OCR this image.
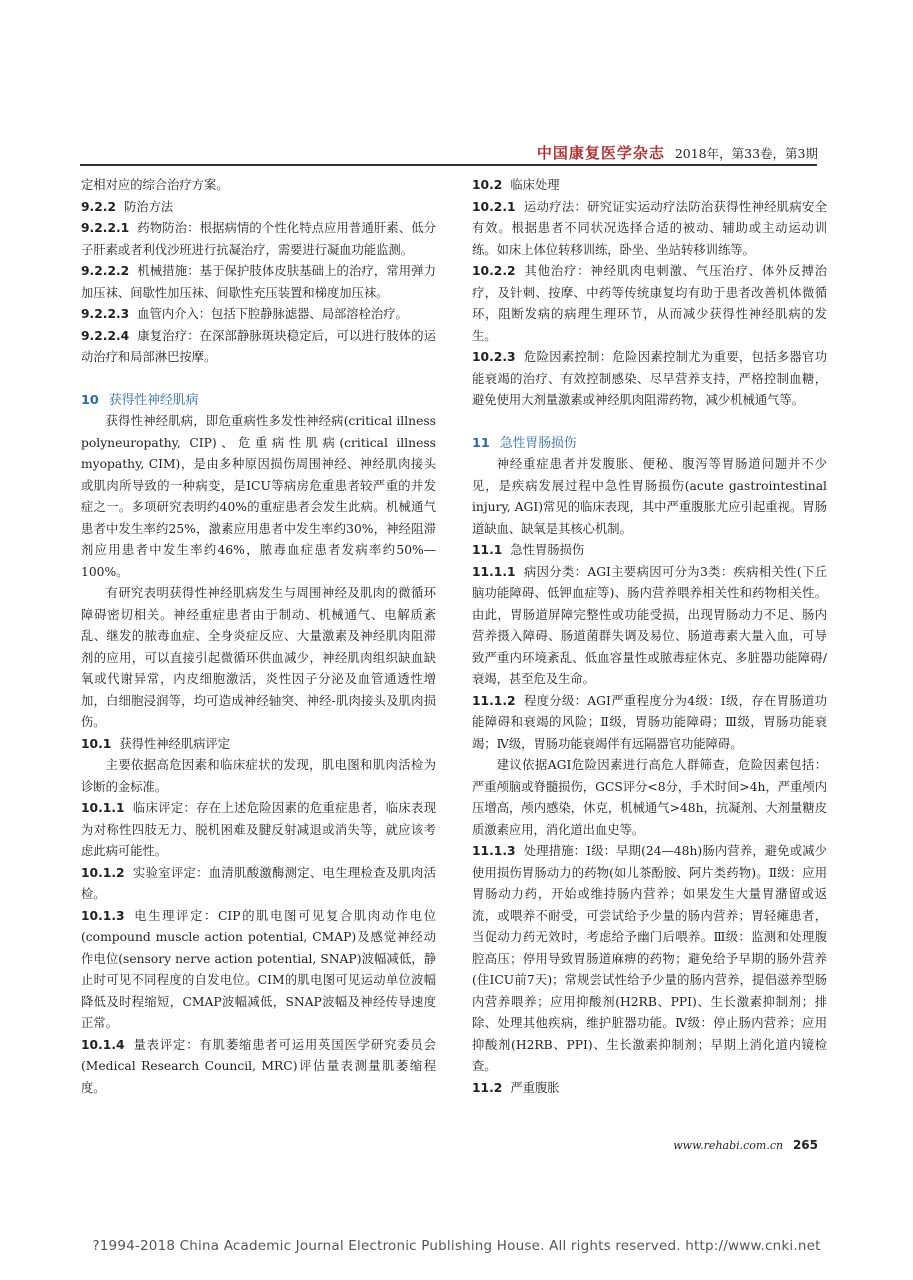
中国康复医学杂志 2018年，第33卷，第3期

定相对应的综合治疗方案。

9.2.2 防治方法

9.2.2.1 药物防治：根据病情的个性化特点应用普通肝素、低分子肝素或者利伐沙班进行抗凝治疗，需要进行凝血功能监测。

9.2.2.2 机械措施：基于保护肢体皮肤基础上的治疗，常用弹力加压袜、间歇性加压袜、间歇性充压装置和梯度加压袜。

9.2.2.3 血管内介入：包括下腔静脉滤器、局部溶栓治疗。

9.2.2.4 康复治疗：在深部静脉斑块稳定后，可以进行肢体的运动治疗和局部淋巴按摩。

10 获得性神经肌病

获得性神经肌病，即危重病性多发性神经病(critical illness polyneuropathy, CIP)、危重病性肌病(critical illness myopathy, CIM)，是由多种原因损伤周围神经、神经肌肉接头或肌肉所导致的一种病变，是ICU等病房危重患者较严重的并发症之一。多项研究表明约40%的重症患者会发生此病。机械通气患者中发生率约25%，激素应用患者中发生率约30%，神经阻滞剂应用患者中发生率约46%，脓毒血症患者发病率约50%—100%。

有研究表明获得性神经肌病发生与周围神经及肌肉的微循环障碍密切相关。神经重症患者由于制动、机械通气、电解质紊乱、继发的脓毒血症、全身炎症反应、大量激素及神经肌肉阻滞剂的应用，可以直接引起微循环供血减少，神经肌肉组织缺血缺氧或代谢异常，内皮细胞激活，炎性因子分泌及血管通透性增加，白细胞浸润等，均可造成神经轴突、神经-肌肉接头及肌肉损伤。

10.1 获得性神经肌病评定

主要依据高危因素和临床症状的发现，肌电图和肌肉活检为诊断的金标准。

10.1.1 临床评定：存在上述危险因素的危重症患者，临床表现为对称性四肢无力、脱机困难及腱反射减退或消失等，就应该考虑此病可能性。

10.1.2 实验室评定：血清肌酸激酶测定、电生理检查及肌肉活检。

10.1.3 电生理评定：CIP的肌电图可见复合肌肉动作电位(compound muscle action potential, CMAP)及感觉神经动作电位(sensory nerve action potential, SNAP)波幅减低，静止时可见不同程度的自发电位。CIM的肌电图可见运动单位波幅降低及时程缩短，CMAP波幅减低，SNAP波幅及神经传导速度正常。

10.1.4 量表评定：有肌萎缩患者可运用英国医学研究委员会(Medical Research Council, MRC)评估量表测量肌萎缩程度。

10.2 临床处理

10.2.1 运动疗法：研究证实运动疗法防治获得性神经肌病安全有效。根据患者不同状况选择合适的被动、辅助或主动运动训练。如床上体位转移训练，卧坐、坐站转移训练等。

10.2.2 其他治疗：神经肌肉电刺激、气压治疗、体外反搏治疗，及针刺、按摩、中药等传统康复均有助于患者改善机体微循环，阻断发病的病理生理环节，从而减少获得性神经肌病的发生。

10.2.3 危险因素控制：危险因素控制尤为重要，包括多器官功能衰竭的治疗、有效控制感染、尽早营养支持，严格控制血糖，避免使用大剂量激素或神经肌肉阻滞药物，减少机械通气等。

11 急性胃肠损伤

神经重症患者并发腹胀、便秘、腹泻等胃肠道问题并不少见，是疾病发展过程中急性胃肠损伤(acute gastrointestinal injury, AGI)常见的临床表现，其中严重腹胀尤应引起重视。胃肠道缺血、缺氧是其核心机制。

11.1 急性胃肠损伤

11.1.1 病因分类：AGI主要病因可分为3类：疾病相关性(下丘脑功能障碍、低钾血症等)、肠内营养喂养相关性和药物相关性。由此，胃肠道屏障完整性或功能受损，出现胃肠动力不足、肠内营养摄入障碍、肠道菌群失调及易位、肠道毒素大量入血，可导致严重内环境紊乱、低血容量性或脓毒症休克、多脏器功能障碍/衰竭，甚至危及生命。

11.1.2 程度分级：AGI严重程度分为4级：Ⅰ级，存在胃肠道功能障碍和衰竭的风险；Ⅱ级，胃肠功能障碍；Ⅲ级，胃肠功能衰竭；Ⅳ级，胃肠功能衰竭伴有远隔器官功能障碍。

建议依据AGI危险因素进行高危人群筛查，危险因素包括：严重颅脑或脊髓损伤，GCS评分<8分，手术时间>4h，严重颅内压增高，颅内感染，休克，机械通气>48h，抗凝剂、大剂量糖皮质激素应用，消化道出血史等。

11.1.3 处理措施：Ⅰ级：早期(24—48h)肠内营养，避免或减少使用损伤胃肠动力的药物(如儿茶酚胺、阿片类药物)。Ⅱ级：应用胃肠动力药，开始或维持肠内营养；如果发生大量胃潴留或返流，或喂养不耐受，可尝试给予少量的肠内营养；胃轻瘫患者，当促动力药无效时，考虑给予幽门后喂养。Ⅲ级：监测和处理腹腔高压；停用导致胃肠道麻痹的药物；避免给予早期的肠外营养(住ICU前7天)；常规尝试性给予少量的肠内营养，提倡滋养型肠内营养喂养；应用抑酸剂(H2RB、PPI)、生长激素抑制剂；排除、处理其他疾病，维护脏器功能。Ⅳ级：停止肠内营养；应用抑酸剂(H2RB、PPI)、生长激素抑制剂；早期上消化道内镜检查。

11.2 严重腹胀
www.rehabi.com.cn 265
?1994-2018 China Academic Journal Electronic Publishing House. All rights reserved. http://www.cnki.net
